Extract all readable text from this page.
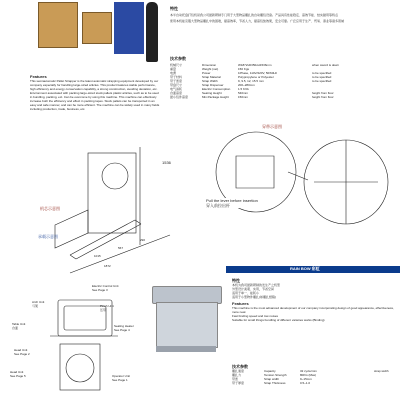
Features
This semiautomatic Pallet Strapper is the latest automatic strapping equipment developed by our company especially for handling large-sized articles. This product features stable performance, high efficiency and energy conservation capability, a strong construction, avoiding deviation, etc. Environment associated with packing large-sized stuck pallets plastic articles, such as to be used in bundling, packing, ect. Can be overcome by using this machine. This machine can effectively increase both the efficiency and effect in packing tapes. Stuck pallets can be transported in an easy and safe manner, and can be more efficient. The machine can be widely used in many fields including production, trade, business, etc.
特性
本半自动托盘打包机是我公司最新研制专门用于大型物品捆扎的自动捆包设备。产品具有性能稳定、高效节能、结实耐用等特点
使用本机能克服大型物品捆扎中的困难，提高效率，节省人力，提高包装效果，安全可靠。广泛应用于生产、贸易、商业等诸多领域
技术参数
机械尺寸	Dimension	W1872xD350xH1536mm	when sword is down
重量	Weight (net)	150 Kgs
电源	Power	1Phase, 110V/220V, 50/60Hz	to be specified
带子材料	Strap Material	Polypropylene or Polyester	to be specified
带子宽度	Strap Width	9, 9.5, 12, 15.5 mm	to be specified
带盘尺寸	Strap Dispenser	200~280mm
电气消耗	Electric Consumption	1.5 KVA
台面高度	Seating Height	540mm	height from floor
最小包件高度	Min.Package Height	150mm	height from floor
1536
1015
567
290
1872
机芯示意图
承载示意图
穿带示意图
Pull the lever before insertion
穿入前拉出杆
Arch Unit
弓架
Table Unit
台面
Head Unit
See Page 2
Electric Control Unit
See Page 3
Sealing Heater
See Page 4
Pinch Unit
压带
Head Unit
See Page 5	Operator Unit
See Page 1
RAIN BOW 彩虹
特性
本机为我司最新研制的发生产之机型
外型设计美观、实用，节省空间
适用于单一、能耗小
适用于小型物件捆扎(如捆扎纸箱)
Features
This machine is the most advanced development of our company incorporating design of good appearance, effectiveness, more neat
Fast binding speed and low noises
Suitable for small things bundling of different varieties works (Binding)
技术参数
捆扎速度	Capacity	32 cycle/min	strap width
捆扎力	Tension Strength	80KG (Max)
带宽	Strap width	9~15mm
带子厚度	Strap Thickness	0.5~1.0
